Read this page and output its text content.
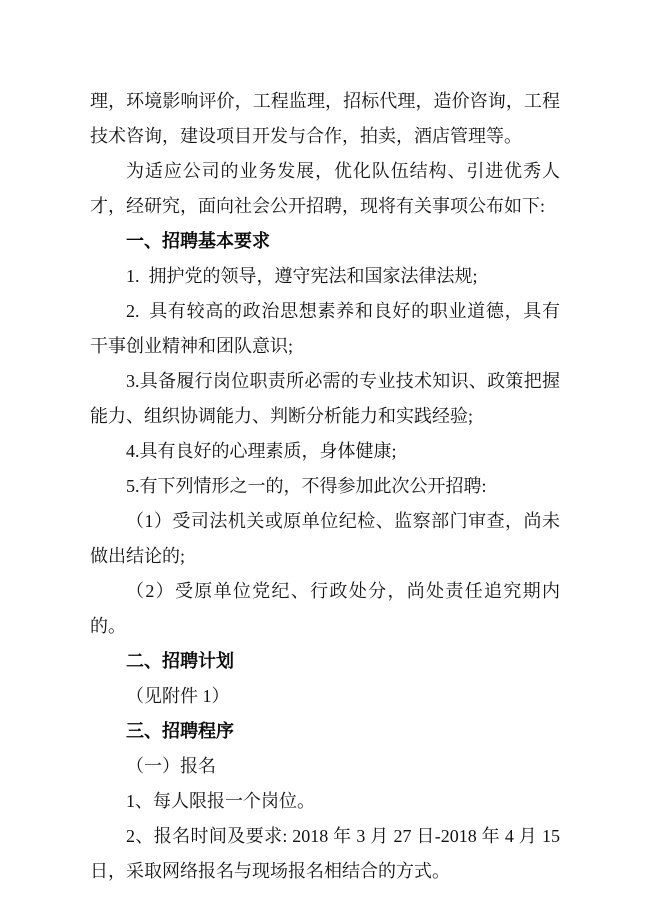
理，环境影响评价，工程监理，招标代理，造价咨询，工程技术咨询，建设项目开发与合作，拍卖，酒店管理等。

为适应公司的业务发展，优化队伍结构、引进优秀人才，经研究，面向社会公开招聘，现将有关事项公布如下:

一、招聘基本要求

1. 拥护党的领导，遵守宪法和国家法律法规;

2. 具有较高的政治思想素养和良好的职业道德，具有干事创业精神和团队意识;

3.具备履行岗位职责所必需的专业技术知识、政策把握能力、组织协调能力、判断分析能力和实践经验;

4.具有良好的心理素质，身体健康;

5.有下列情形之一的，不得参加此次公开招聘:

（1）受司法机关或原单位纪检、监察部门审查，尚未做出结论的;

（2）受原单位党纪、行政处分，尚处责任追究期内的。

二、招聘计划

（见附件 1）

三、招聘程序

（一）报名

1、每人限报一个岗位。

2、报名时间及要求: 2018 年 3 月 27 日-2018 年 4 月 15 日，采取网络报名与现场报名相结合的方式。
